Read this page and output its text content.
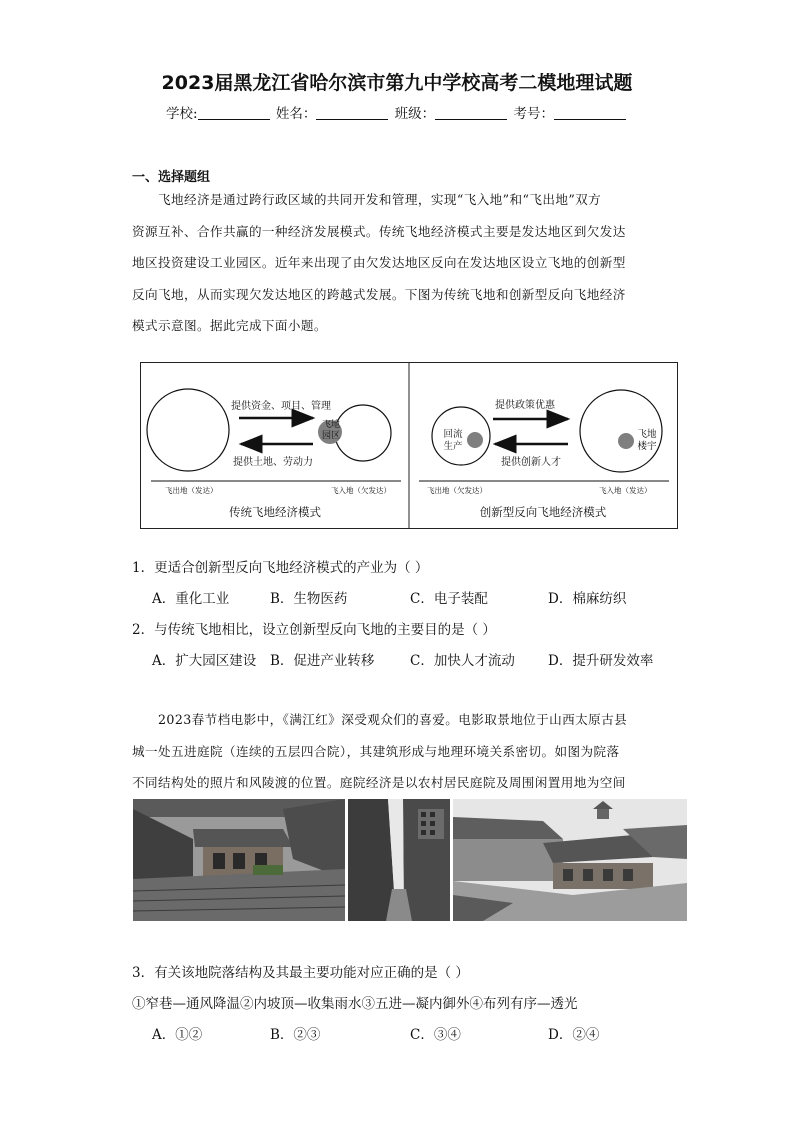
2023届黑龙江省哈尔滨市第九中学校高考二模地理试题
学校:	姓名：	班级：	考号：
一、选择题组
飞地经济是通过跨行政区域的共同开发和管理，实现“飞入地”和“飞出地”双方
资源互补、合作共赢的一种经济发展模式。传统飞地经济模式主要是发达地区到欠发达
地区投资建设工业园区。近年来出现了由欠发达地区反向在发达地区设立飞地的创新型
反向飞地，从而实现欠发达地区的跨越式发展。下图为传统飞地和创新型反向飞地经济
模式示意图。据此完成下面小题。
提供资金、项目、管理
提供土地、劳动力
飞地
园区
飞出地（发达）	飞入地（欠发达）
传统飞地经济模式
提供政策优惠
提供创新人才
回流
生产
飞地
楼宇
飞出地（欠发达）	飞入地（发达）
创新型反向飞地经济模式
1．更适合创新型反向飞地经济模式的产业为（ ）
A．重化工业	B．生物医药	C．电子装配	D．棉麻纺织
2．与传统飞地相比，设立创新型反向飞地的主要目的是（ ）
A．扩大园区建设 B．促进产业转移	C．加快人才流动 D．提升研发效率
2023春节档电影中，《满江红》深受观众们的喜爱。电影取景地位于山西太原古县
城一处五进庭院（连续的五层四合院），其建筑形成与地理环境关系密切。如图为院落
不同结构处的照片和风陵渡的位置。庭院经济是以农村居民庭院及周围闲置用地为空间
3．有关该地院落结构及其最主要功能对应正确的是（ ）
①窄巷—通风降温②内坡顶—收集雨水③五进—凝内御外④布列有序—透光
A．①②	B．②③	C．③④	D．②④
